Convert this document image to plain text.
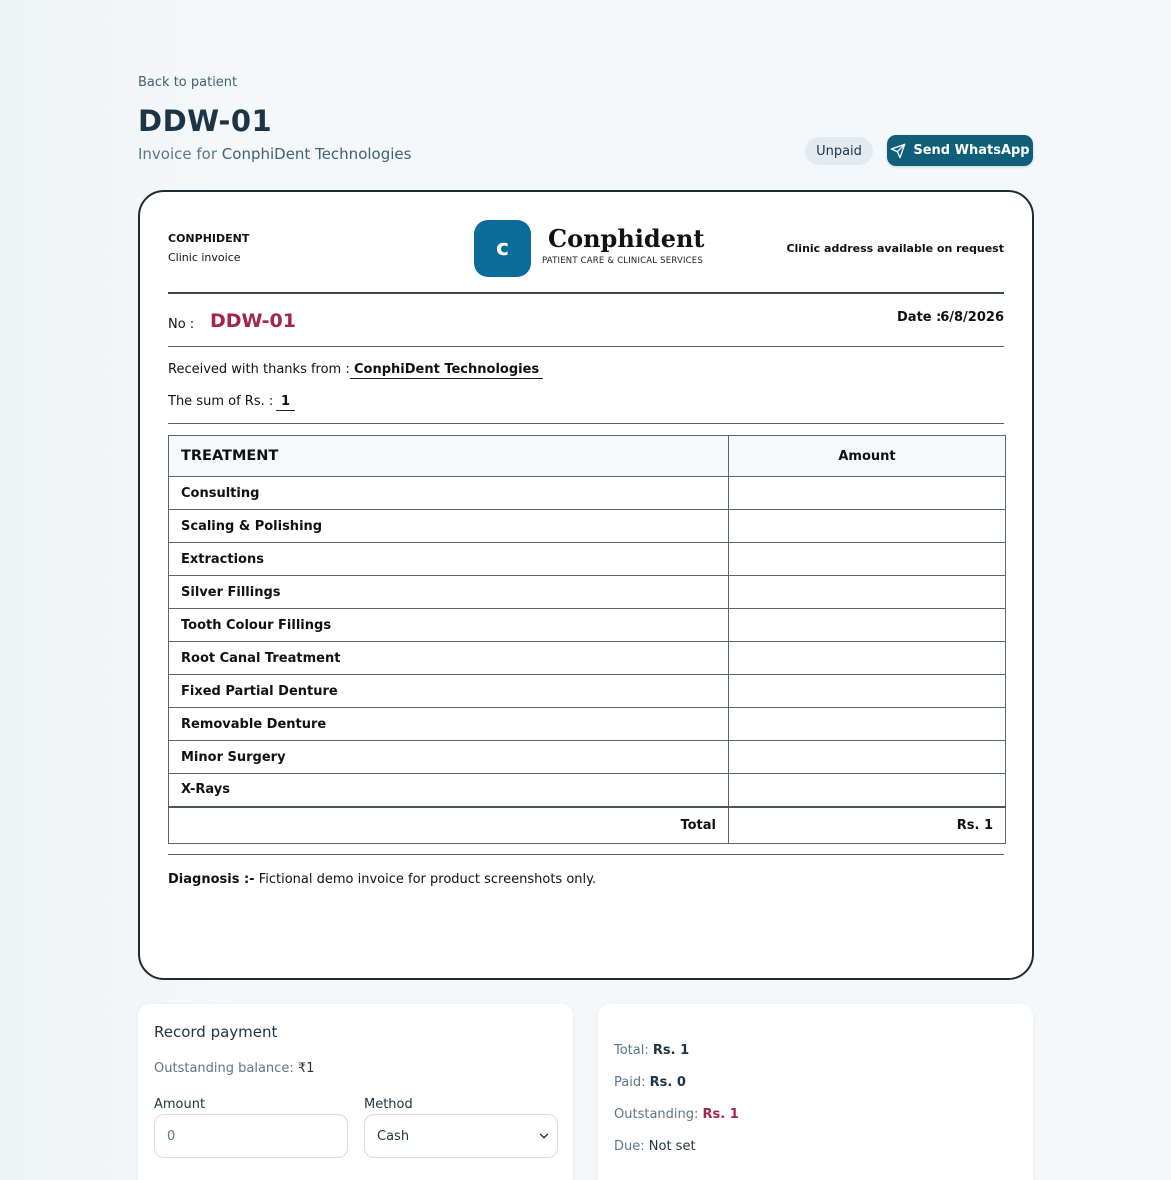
Back to patient
DDW-01
Invoice for ConphiDent Technologies	Unpaid	Send WhatsApp
CONPHIDENT
Clinic invoice	c	Conphident
PATIENT CARE & CLINICAL SERVICES
Clinic address available on request
No : DDW-01	Date :
6/8/2026
Received with thanks from : ConphiDent Technologies
The sum of Rs. : 1
TREATMENT	Amount
Consulting	
Scaling & Polishing	
Extractions	
Silver Fillings	
Tooth Colour Fillings	
Root Canal Treatment	
Fixed Partial Denture	
Removable Denture	
Minor Surgery	
X-Rays	
Total	Rs. 1
Diagnosis :- Fictional demo invoice for product screenshots only.
Record payment
Outstanding balance: ₹1
Amount
0
Method
Cash
Total: Rs. 1
Paid: Rs. 0
Outstanding: Rs. 1
Due: Not set
